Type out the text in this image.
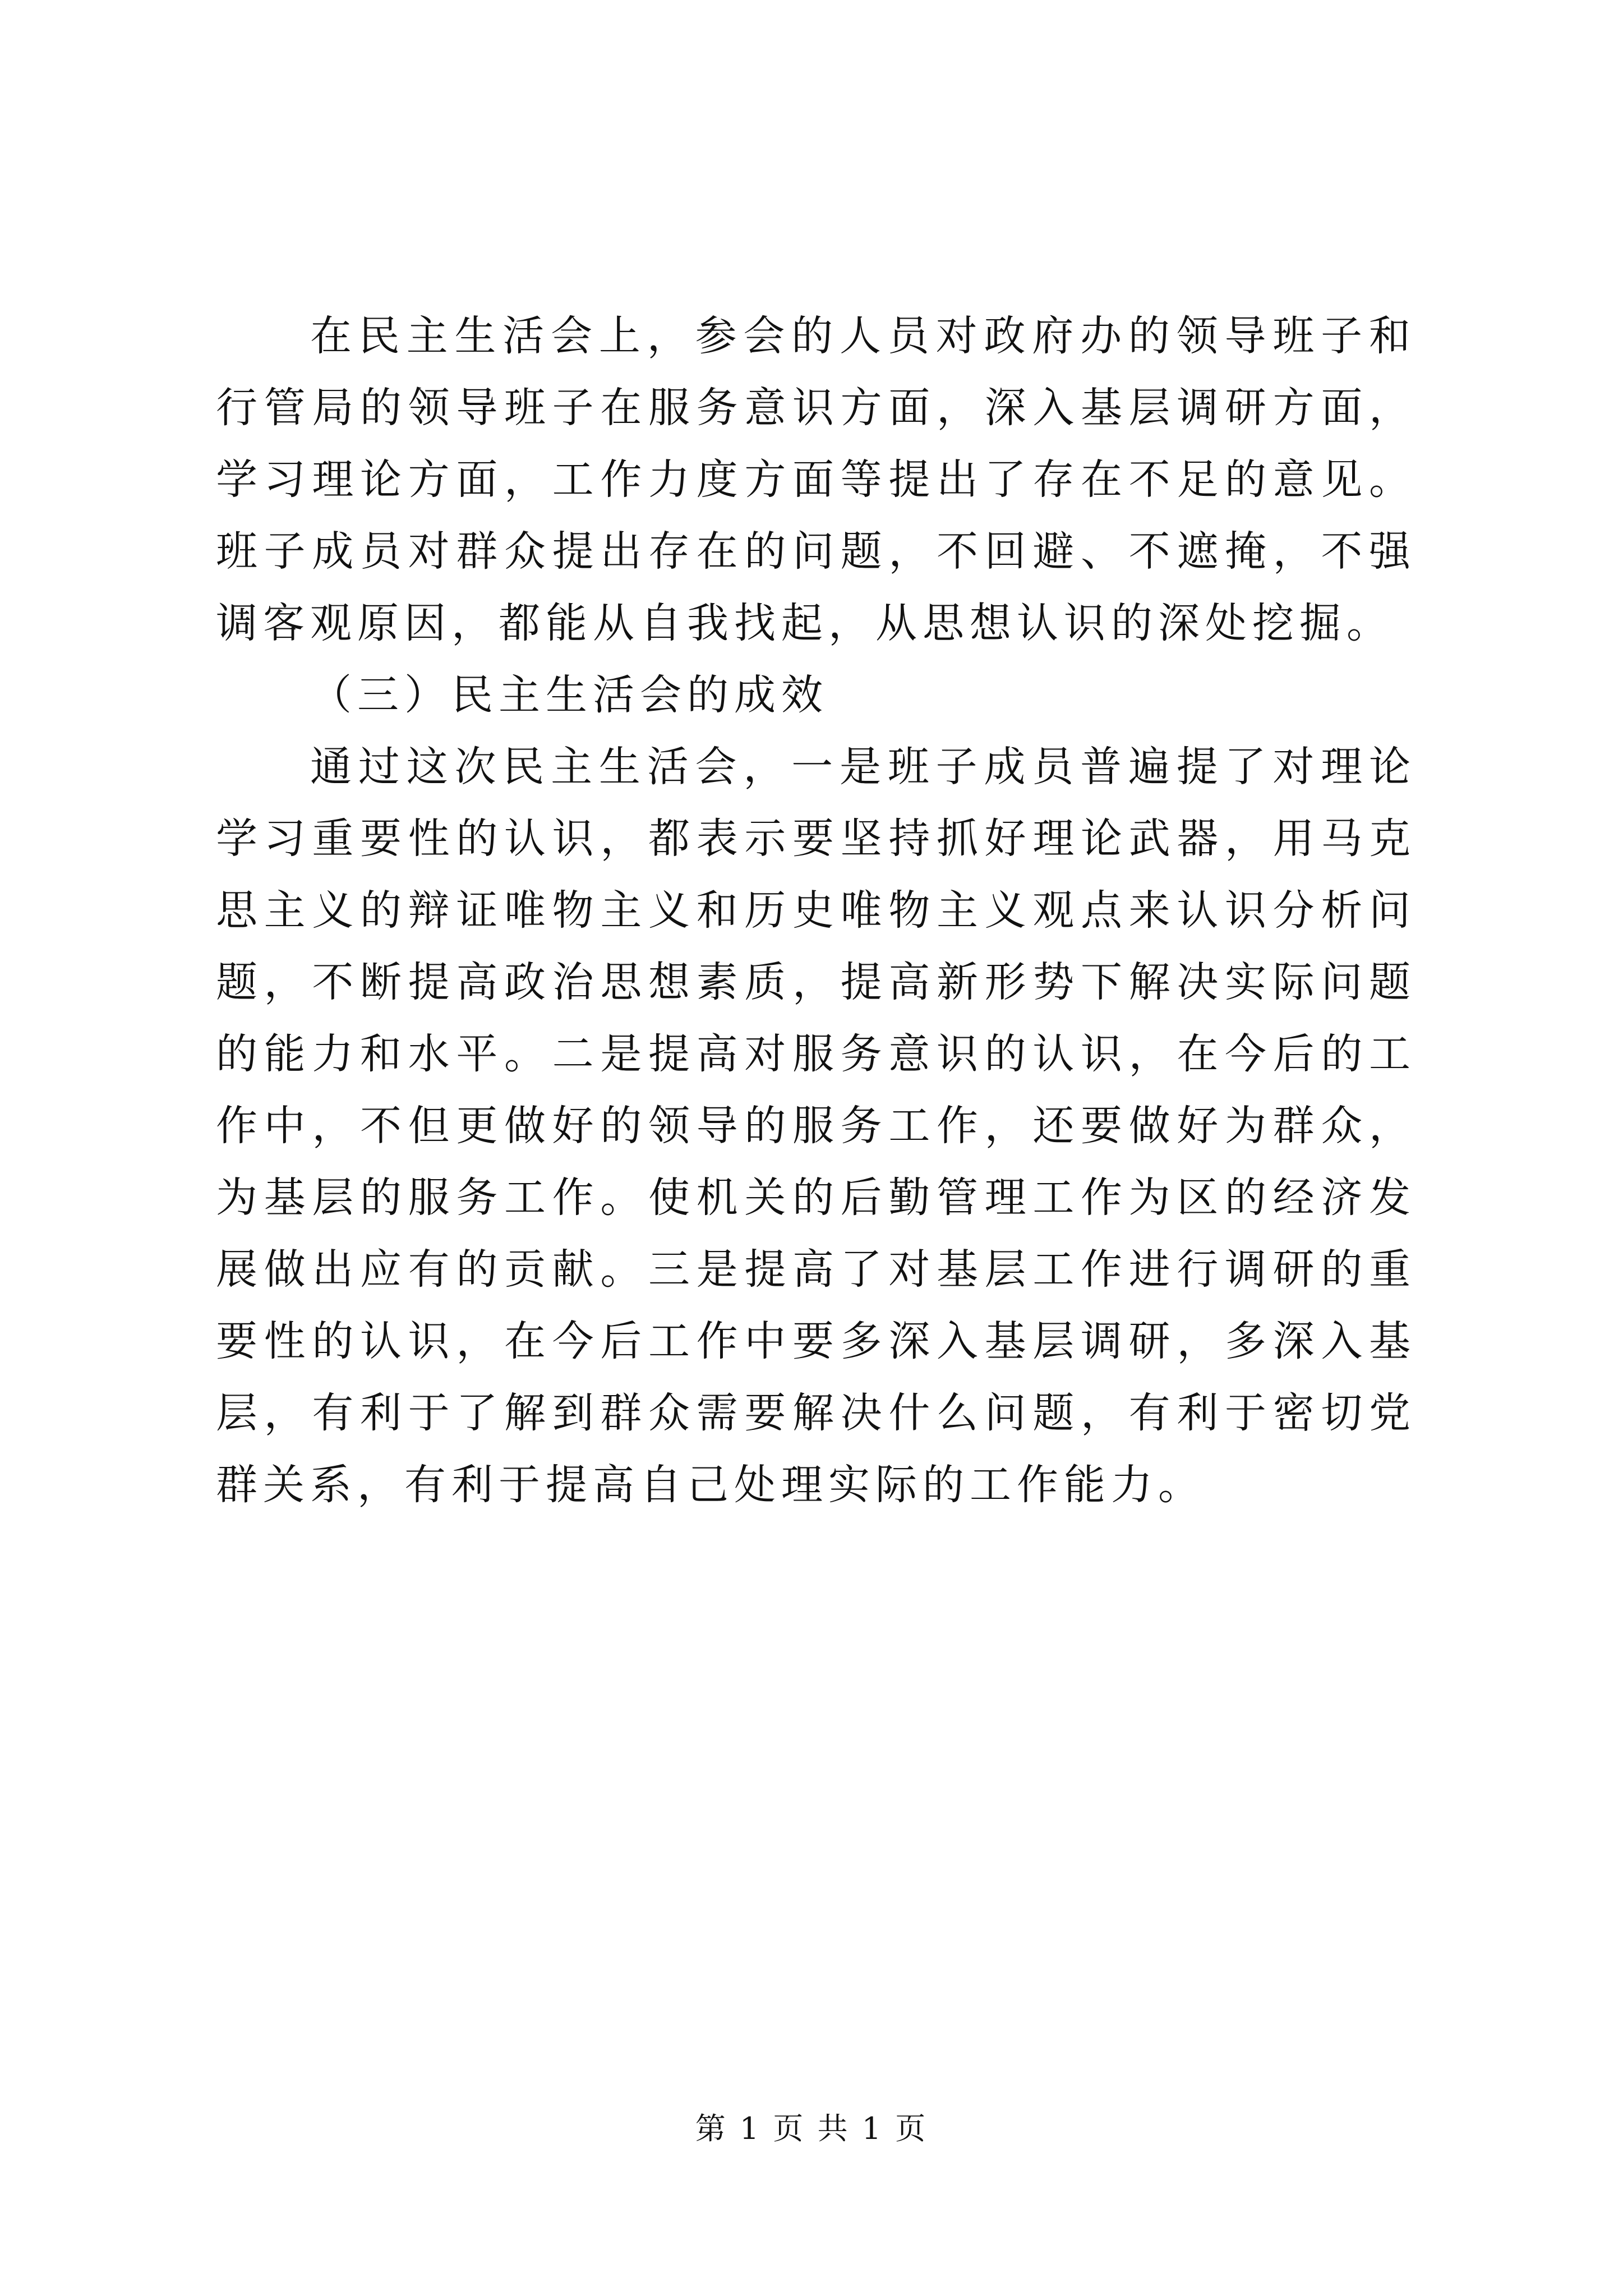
在民主生活会上，参会的人员对政府办的领导班子和行管局的领导班子在服务意识方面，深入基层调研方面，学习理论方面，工作力度方面等提出了存在不足的意见。班子成员对群众提出存在的问题，不回避、不遮掩，不强调客观原因，都能从自我找起，从思想认识的深处挖掘。

（三）民主生活会的成效

通过这次民主生活会，一是班子成员普遍提了对理论学习重要性的认识，都表示要坚持抓好理论武器，用马克思主义的辩证唯物主义和历史唯物主义观点来认识分析问题，不断提高政治思想素质，提高新形势下解决实际问题的能力和水平。二是提高对服务意识的认识，在今后的工作中，不但更做好的领导的服务工作，还要做好为群众，为基层的服务工作。使机关的后勤管理工作为区的经济发展做出应有的贡献。三是提高了对基层工作进行调研的重要性的认识，在今后工作中要多深入基层调研，多深入基层，有利于了解到群众需要解决什么问题，有利于密切党群关系，有利于提高自己处理实际的工作能力。

第 1 页 共 1 页
